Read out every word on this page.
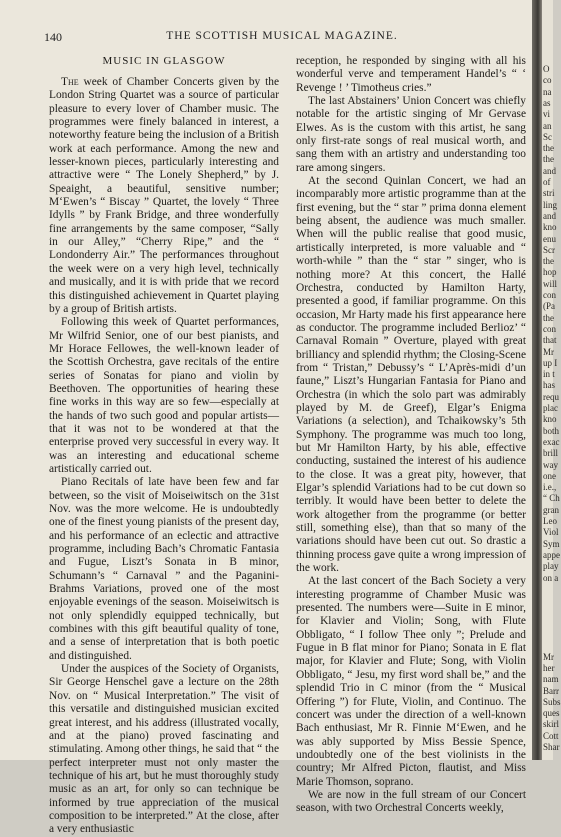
140	THE SCOTTISH MUSICAL MAGAZINE.
MUSIC IN GLASGOW

The week of Chamber Concerts given by the London String Quartet was a source of particular pleasure to every lover of Chamber music. The programmes were finely balanced in interest, a noteworthy feature being the inclusion of a British work at each performance. Among the new and lesser-known pieces, particularly interesting and attractive were “ The Lonely Shepherd,” by J. Speaight, a beautiful, sensitive number; M‘Ewen’s “ Biscay ” Quartet, the lovely “ Three Idylls ” by Frank Bridge, and three wonderfully fine arrangements by the same composer, “Sally in our Alley,” “Cherry Ripe,” and the “ Londonderry Air.” The performances throughout the week were on a very high level, technically and musically, and it is with pride that we record this distinguished achievement in Quartet playing by a group of British artists.

Following this week of Quartet performances, Mr Wilfrid Senior, one of our best pianists, and Mr Horace Fellowes, the well-known leader of the Scottish Orchestra, gave recitals of the entire series of Sonatas for piano and violin by Beethoven. The opportunities of hearing these fine works in this way are so few—especially at the hands of two such good and popular artists—that it was not to be wondered at that the enterprise proved very successful in every way. It was an interesting and educational scheme artistically carried out.

Piano Recitals of late have been few and far between, so the visit of Moiseiwitsch on the 31st Nov. was the more welcome. He is undoubtedly one of the finest young pianists of the present day, and his performance of an eclectic and attractive programme, including Bach’s Chromatic Fantasia and Fugue, Liszt’s Sonata in B minor, Schumann’s “ Carnaval ” and the Paganini-Brahms Variations, proved one of the most enjoyable evenings of the season. Moiseiwitsch is not only splendidly equipped technically, but combines with this gift beautiful quality of tone, and a sense of interpretation that is both poetic and distinguished.

Under the auspices of the Society of Organists, Sir George Henschel gave a lecture on the 28th Nov. on “ Musical Interpretation.” The visit of this versatile and distinguished musician excited great interest, and his address (illustrated vocally, and at the piano) proved fascinating and stimulating. Among other things, he said that “ the perfect interpreter must not only master the technique of his art, but he must thoroughly study music as an art, for only so can technique be informed by true appreciation of the musical composition to be interpreted.” At the close, after a very enthusiastic

reception, he responded by singing with all his wonderful verve and temperament Handel’s “ ‘ Revenge ! ’ Timotheus cries.”

The last Abstainers’ Union Concert was chiefly notable for the artistic singing of Mr Gervase Elwes. As is the custom with this artist, he sang only first-rate songs of real musical worth, and sang them with an artistry and understanding too rare among singers.

At the second Quinlan Concert, we had an incomparably more artistic programme than at the first evening, but the “ star ” prima donna element being absent, the audience was much smaller. When will the public realise that good music, artistically interpreted, is more valuable and “ worth-while ” than the “ star ” singer, who is nothing more? At this concert, the Hallé Orchestra, conducted by Hamilton Harty, presented a good, if familiar programme. On this occasion, Mr Harty made his first appearance here as conductor. The programme included Berlioz’ “ Carnaval Romain ” Overture, played with great brilliancy and splendid rhythm; the Closing-Scene from “ Tristan,” Debussy’s “ L’Après-midi d’un faune,” Liszt’s Hungarian Fantasia for Piano and Orchestra (in which the solo part was admirably played by M. de Greef), Elgar’s Enigma Variations (a selection), and Tchaikowsky’s 5th Symphony. The programme was much too long, but Mr Hamilton Harty, by his able, effective conducting, sustained the interest of his audience to the close. It was a great pity, however, that Elgar’s splendid Variations had to be cut down so terribly. It would have been better to delete the work altogether from the programme (or better still, something else), than that so many of the variations should have been cut out. So drastic a thinning process gave quite a wrong impression of the work.

At the last concert of the Bach Society a very interesting programme of Chamber Music was presented. The numbers were—Suite in E minor, for Klavier and Violin; Song, with Flute Obbligato, “ I follow Thee only ”; Prelude and Fugue in B flat minor for Piano; Sonata in E flat major, for Klavier and Flute; Song, with Violin Obbligato, “ Jesu, my first word shall be,” and the splendid Trio in C minor (from the “ Musical Offering ”) for Flute, Violin, and Continuo. The concert was under the direction of a well-known Bach enthusiast, Mr R. Finnie M‘Ewen, and he was ably supported by Miss Bessie Spence, undoubtedly one of the best violinists in the country; Mr Alfred Picton, flautist, and Miss Marie Thomson, soprano.

We are now in the full stream of our Concert season, with two Orchestral Concerts weekly,

O
co
na
as
vi
an
Sc
the
the
and
of
stri
ling
and
kno
enu
Scr
the
hop
will
con
(Pa
the
con
that
Mr
up I
in t
has
requ
plac
kno
both
exac
brill
way
one
i.e.,
“ Ch
gran
Leo
Viol
Sym
appe
play
on a
Mr
her
nam
Barr
Subs
ques
skirl
Cott
Shar
